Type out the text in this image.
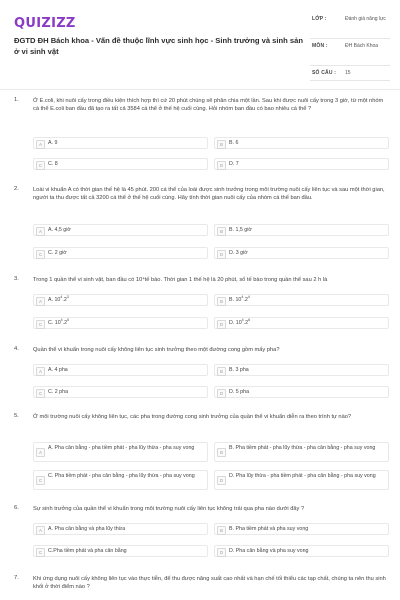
QUIZIZZ
ĐGTD ĐH Bách khoa - Vấn đề thuộc lĩnh vực sinh học - Sinh trưởng và sinh sản ở vi sinh vật
LỚP :	Đánh giá năng lực
MÔN :	ĐH Bách Khoa
SỐ CÂU : 15
1. Ở E.coli, khi nuôi cấy trong điều kiện thích hợp thì cứ 20 phút chúng sẽ phân chia một lần. Sau khi được nuôi cấy trong 3 giờ, từ một nhóm cá thể E.coli ban đầu đã tạo ra tất cả 3584 cá thể ở thế hệ cuối cùng. Hỏi nhóm ban đầu có bao nhiêu cá thể ?
A	A. 9	B	B. 6
C	C. 8	D	D. 7
2. Loài vi khuẩn A có thời gian thế hệ là 45 phút. 200 cá thể của loài được sinh trưởng trong môi trường nuôi cấy liên tục và sau một thời gian, người ta thu được tất cả 3200 cá thể ở thế hệ cuối cùng. Hãy tính thời gian nuôi cấy của nhóm cá thể ban đầu.
A	A. 4,5 giờ	B	B. 1,5 giờ
C	C. 2 giờ	D	D. 3 giờ
3. Trong 1 quần thể vi sinh vật, ban đầu có 10⁴tế bào. Thời gian 1 thế hệ là 20 phút, số tế bào trong quần thể sau 2 h là
A	A. $10^4.2^3$
B	B. $10^4.2^4$
C	C. $10^4.2^5$
D	D. $10^4.2^6$
4. Quần thể vi khuẩn trong nuôi cấy không liên tục sinh trưởng theo một đường cong gồm mấy pha?
A	A. 4 pha	B	B. 3 pha
C	C. 2 pha	D	D. 5 pha
5. Ở môi trường nuôi cấy không liên tục, các pha trong đường cong sinh trưởng của quần thể vi khuẩn diễn ra theo trình tự nào?
A
A. Pha cân bằng - pha tiềm phát - pha lũy thừa - pha suy vong
B
B. Pha tiềm phát - pha lũy thừa - pha cân bằng - pha suy vong
C
C. Pha tiềm phát - pha cân bằng - pha lũy thừa - pha suy vong
D
D. Pha lũy thừa - pha tiềm phát - pha cân bằng - pha suy vong
6. Sự sinh trưởng của quần thể vi khuẩn trong môi trường nuôi cấy liên tục không trải qua pha nào dưới đây ?
A	A. Pha cân bằng và pha lũy thừa	B	B. Pha tiềm phát và pha suy vong
C	C.Pha tiềm phát và pha cân bằng	D	D. Pha cân bằng và pha suy vong
7. Khi ứng dụng nuôi cấy không liên tục vào thực tiễn, để thu được năng suất cao nhất và hạn chế tối thiểu các tạp chất, chúng ta nên thu sinh khối ở thời điểm nào ?
